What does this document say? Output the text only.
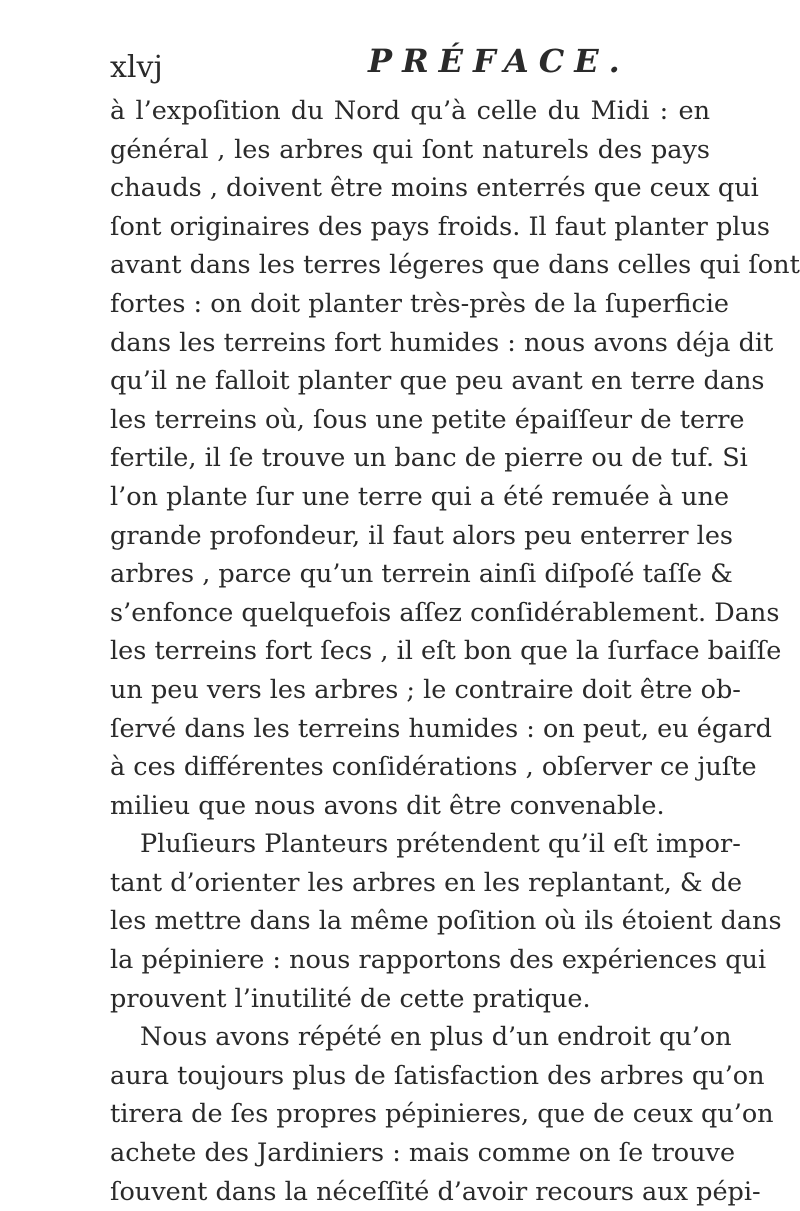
xlvj	PRÉFACE.
à l’expoſition du Nord qu’à celle du Midi : en
général , les arbres qui ſont naturels des pays
chauds , doivent être moins enterrés que ceux qui
ſont originaires des pays froids. Il faut planter plus
avant dans les terres légeres que dans celles qui ſont
fortes : on doit planter très-près de la ſuperficie
dans les terreins fort humides : nous avons déja dit
qu’il ne falloit planter que peu avant en terre dans
les terreins où, ſous une petite épaiſſeur de terre
fertile, il ſe trouve un banc de pierre ou de tuf. Si
l’on plante ſur une terre qui a été remuée à une
grande profondeur, il faut alors peu enterrer les
arbres , parce qu’un terrein ainſi diſpoſé taſſe &
s’enfonce quelquefois aſſez conſidérablement. Dans
les terreins fort ſecs , il eſt bon que la ſurface baiſſe
un peu vers les arbres ; le contraire doit être ob-
ſervé dans les terreins humides : on peut, eu égard
à ces différentes conſidérations , obſerver ce juſte
milieu que nous avons dit être convenable.
Pluſieurs Planteurs prétendent qu’il eſt impor-
tant d’orienter les arbres en les replantant, & de
les mettre dans la même poſition où ils étoient dans
la pépiniere : nous rapportons des expériences qui
prouvent l’inutilité de cette pratique.
Nous avons répété en plus d’un endroit qu’on
aura toujours plus de ſatisfaction des arbres qu’on
tirera de ſes propres pépinieres, que de ceux qu’on
achete des Jardiniers : mais comme on ſe trouve
ſouvent dans la néceſſité d’avoir recours aux pépi-
